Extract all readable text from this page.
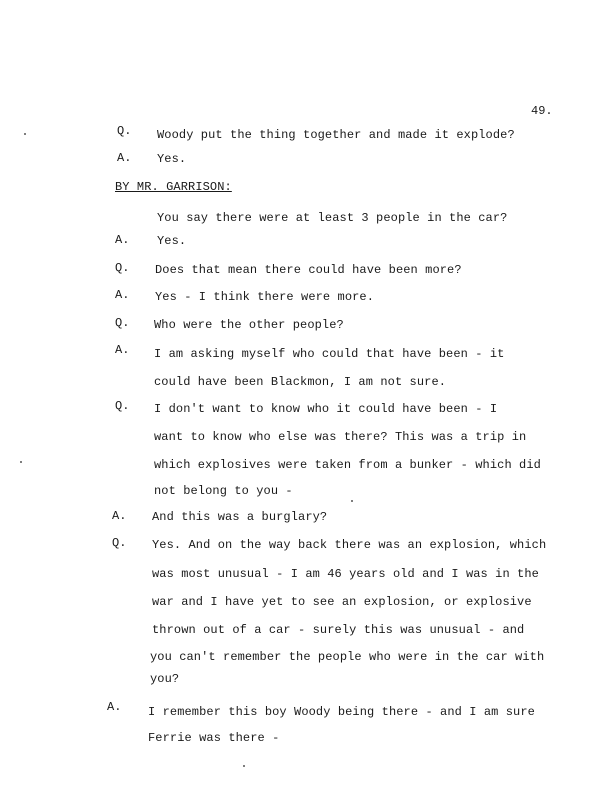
49.
Q. Woody put the thing together and made it explode?
A. Yes.
BY MR. GARRISON:
You say there were at least 3 people in the car?
A. Yes.
Q. Does that mean there could have been more?
A. Yes - I think there were more.
Q. Who were the other people?
A. I am asking myself who could that have been - it
could have been Blackmon, I am not sure.
Q. I don't want to know who it could have been - I
want to know who else was there? This was a trip in
which explosives were taken from a bunker - which did
not belong to you -
A. And this was a burglary?
Q. Yes. And on the way back there was an explosion, which
was most unusual - I am 46 years old and I was in the
war and I have yet to see an explosion, or explosive
thrown out of a car - surely this was unusual - and
you can't remember the people who were in the car with
you?
A. I remember this boy Woody being there - and I am sure
Ferrie was there -
